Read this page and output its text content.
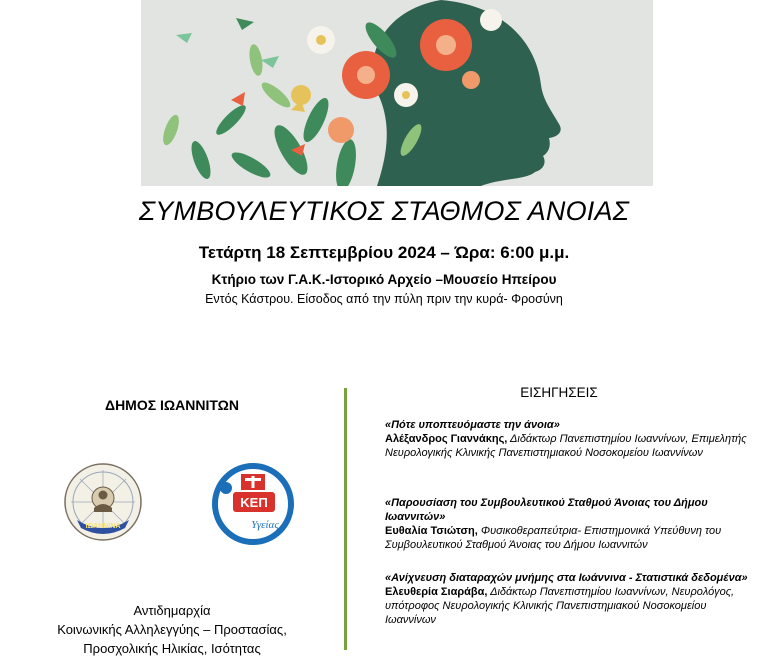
ΣΥΜΒΟΥΛΕΥΤΙΚΟΣ ΣΤΑΘΜΟΣ ΑΝΟΙΑΣ
Τετάρτη 18 Σεπτεμβρίου 2024 – Ώρα: 6:00 μ.μ.
Κτήριο των Γ.Α.Κ.-Ιστορικό Αρχείο –Μουσείο Ηπείρου
Εντός Κάστρου. Είσοδος από την πύλη πριν την κυρά- Φροσύνη
ΔΗΜΟΣ ΙΩΑΝΝΙΤΩΝ
ΙΩΑΝΝΙΝΑ
ΚΕΠ
Υγείας
Αντιδημαρχία
Κοινωνικής Αλληλεγγύης – Προστασίας,
Προσχολικής Ηλικίας, Ισότητας
ΕΙΣΗΓΗΣΕΙΣ
«Πότε υποπτευόμαστε την άνοια»
Αλέξανδρος Γιαννάκης, Διδάκτωρ Πανεπιστημίου Ιωαννίνων, Επιμελητής Νευρολογικής Κλινικής Πανεπιστημιακού Νοσοκομείου Ιωαννίνων
«Παρουσίαση του Συμβουλευτικού Σταθμού Άνοιας του Δήμου Ιωαννιτών»
Ευθαλία Τσιώτση, Φυσικοθεραπεύτρια- Επιστημονικά Υπεύθυνη του Συμβουλευτικού Σταθμού Άνοιας του Δήμου Ιωαννιτών
«Ανίχνευση διαταραχών μνήμης στα Ιωάννινα - Στατιστικά δεδομένα»
Ελευθερία Σιαράβα, Διδάκτωρ Πανεπιστημίου Ιωαννίνων, Νευρολόγος, υπότροφος Νευρολογικής Κλινικής Πανεπιστημιακού Νοσοκομείου Ιωαννίνων
